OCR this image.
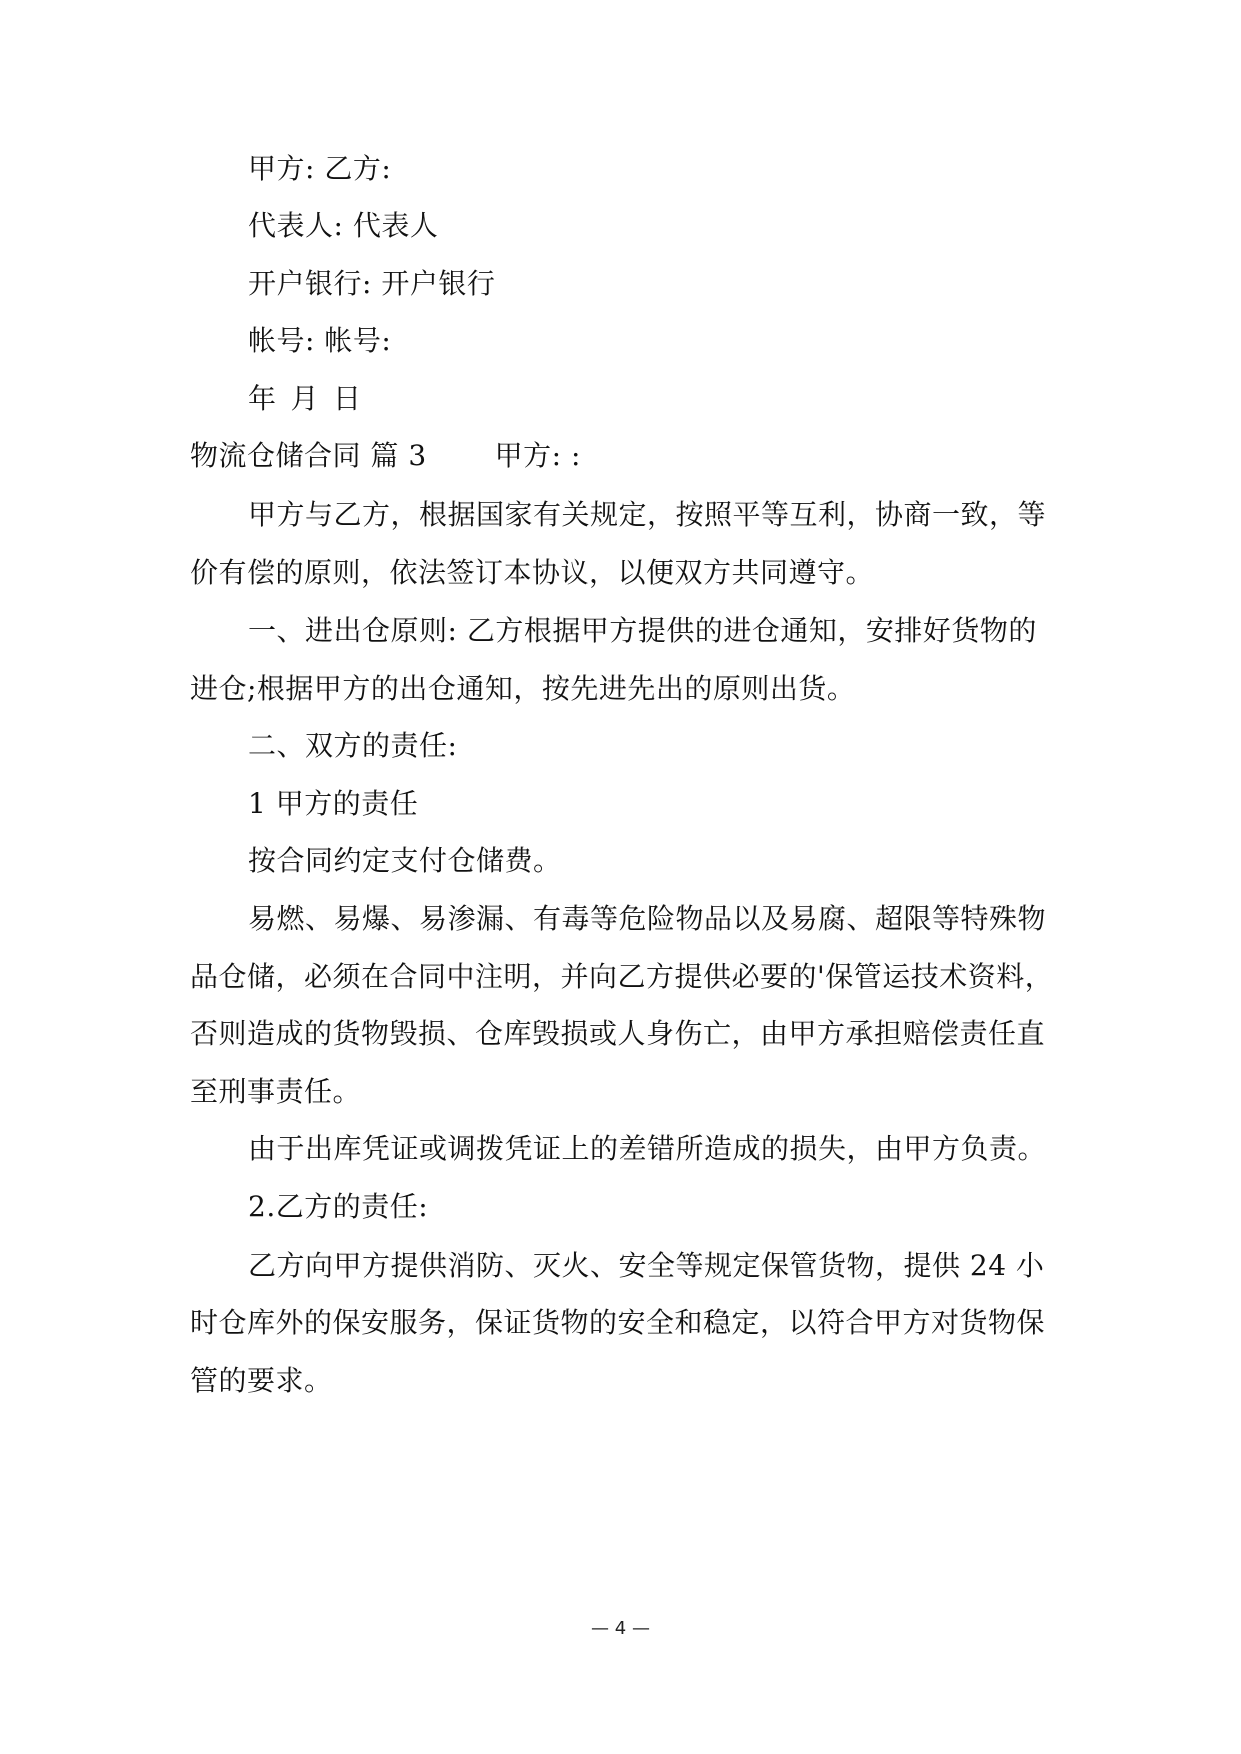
甲方: 乙方:
代表人: 代表人
开户银行: 开户银行
帐号: 帐号:
年 月 日
物流仓储合同 篇 3 甲方: :
甲方与乙方，根据国家有关规定，按照平等互利，协商一致，等
价有偿的原则，依法签订本协议，以便双方共同遵守。
一、进出仓原则: 乙方根据甲方提供的进仓通知，安排好货物的
进仓;根据甲方的出仓通知，按先进先出的原则出货。
二、双方的责任:
1 甲方的责任
按合同约定支付仓储费。
易燃、易爆、易渗漏、有毒等危险物品以及易腐、超限等特殊物
品仓储，必须在合同中注明，并向乙方提供必要的'保管运技术资料，
否则造成的货物毁损、仓库毁损或人身伤亡，由甲方承担赔偿责任直
至刑事责任。
由于出库凭证或调拨凭证上的差错所造成的损失，由甲方负责。
2.乙方的责任:
乙方向甲方提供消防、灭火、安全等规定保管货物，提供 24 小
时仓库外的保安服务，保证货物的安全和稳定，以符合甲方对货物保
管的要求。
— 4 —
